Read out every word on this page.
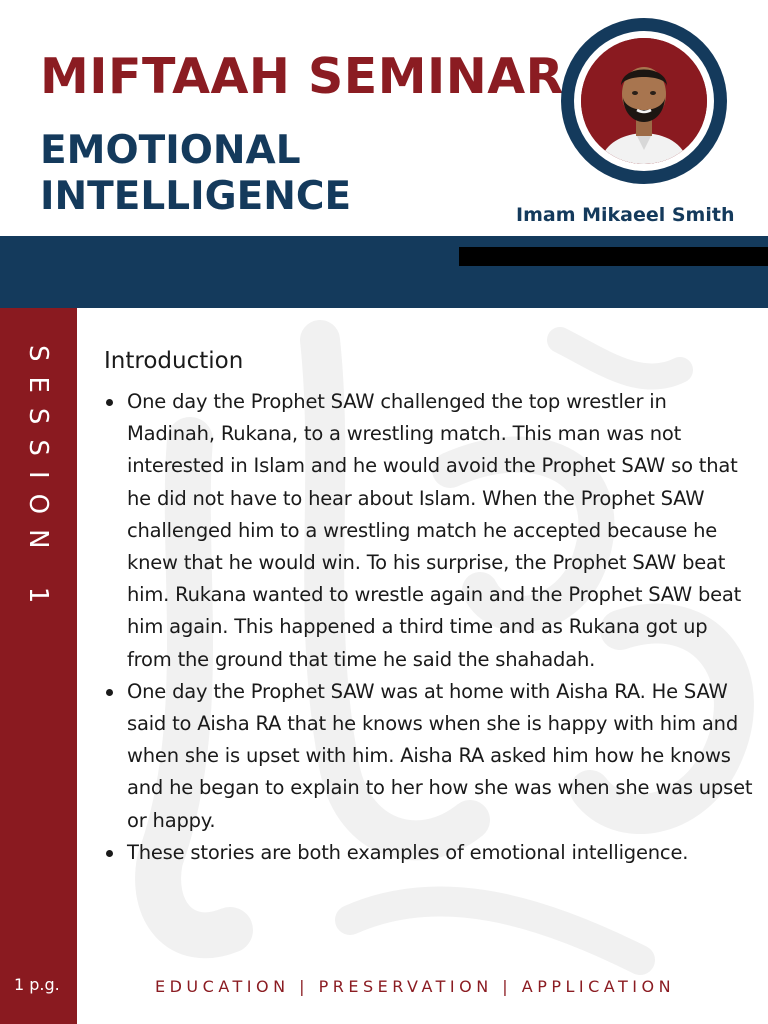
MIFTAAH SEMINAR
EMOTIONAL
INTELLIGENCE	Imam Mikaeel Smith
SESSION 1
1 p.g.
Introduction
One day the Prophet SAW challenged the top wrestler in Madinah, Rukana, to a wrestling match. This man was not interested in Islam and he would avoid the Prophet SAW so that he did not have to hear about Islam. When the Prophet SAW challenged him to a wrestling match he accepted because he knew that he would win. To his surprise, the Prophet SAW beat him. Rukana wanted to wrestle again and the Prophet SAW beat him again. This happened a third time and as Rukana got up from the ground that time he said the shahadah.
One day the Prophet SAW was at home with Aisha RA. He SAW said to Aisha RA that he knows when she is happy with him and when she is upset with him. Aisha RA asked him how he knows and he began to explain to her how she was when she was upset or happy.
These stories are both examples of emotional intelligence.
EDUCATION | PRESERVATION | APPLICATION
